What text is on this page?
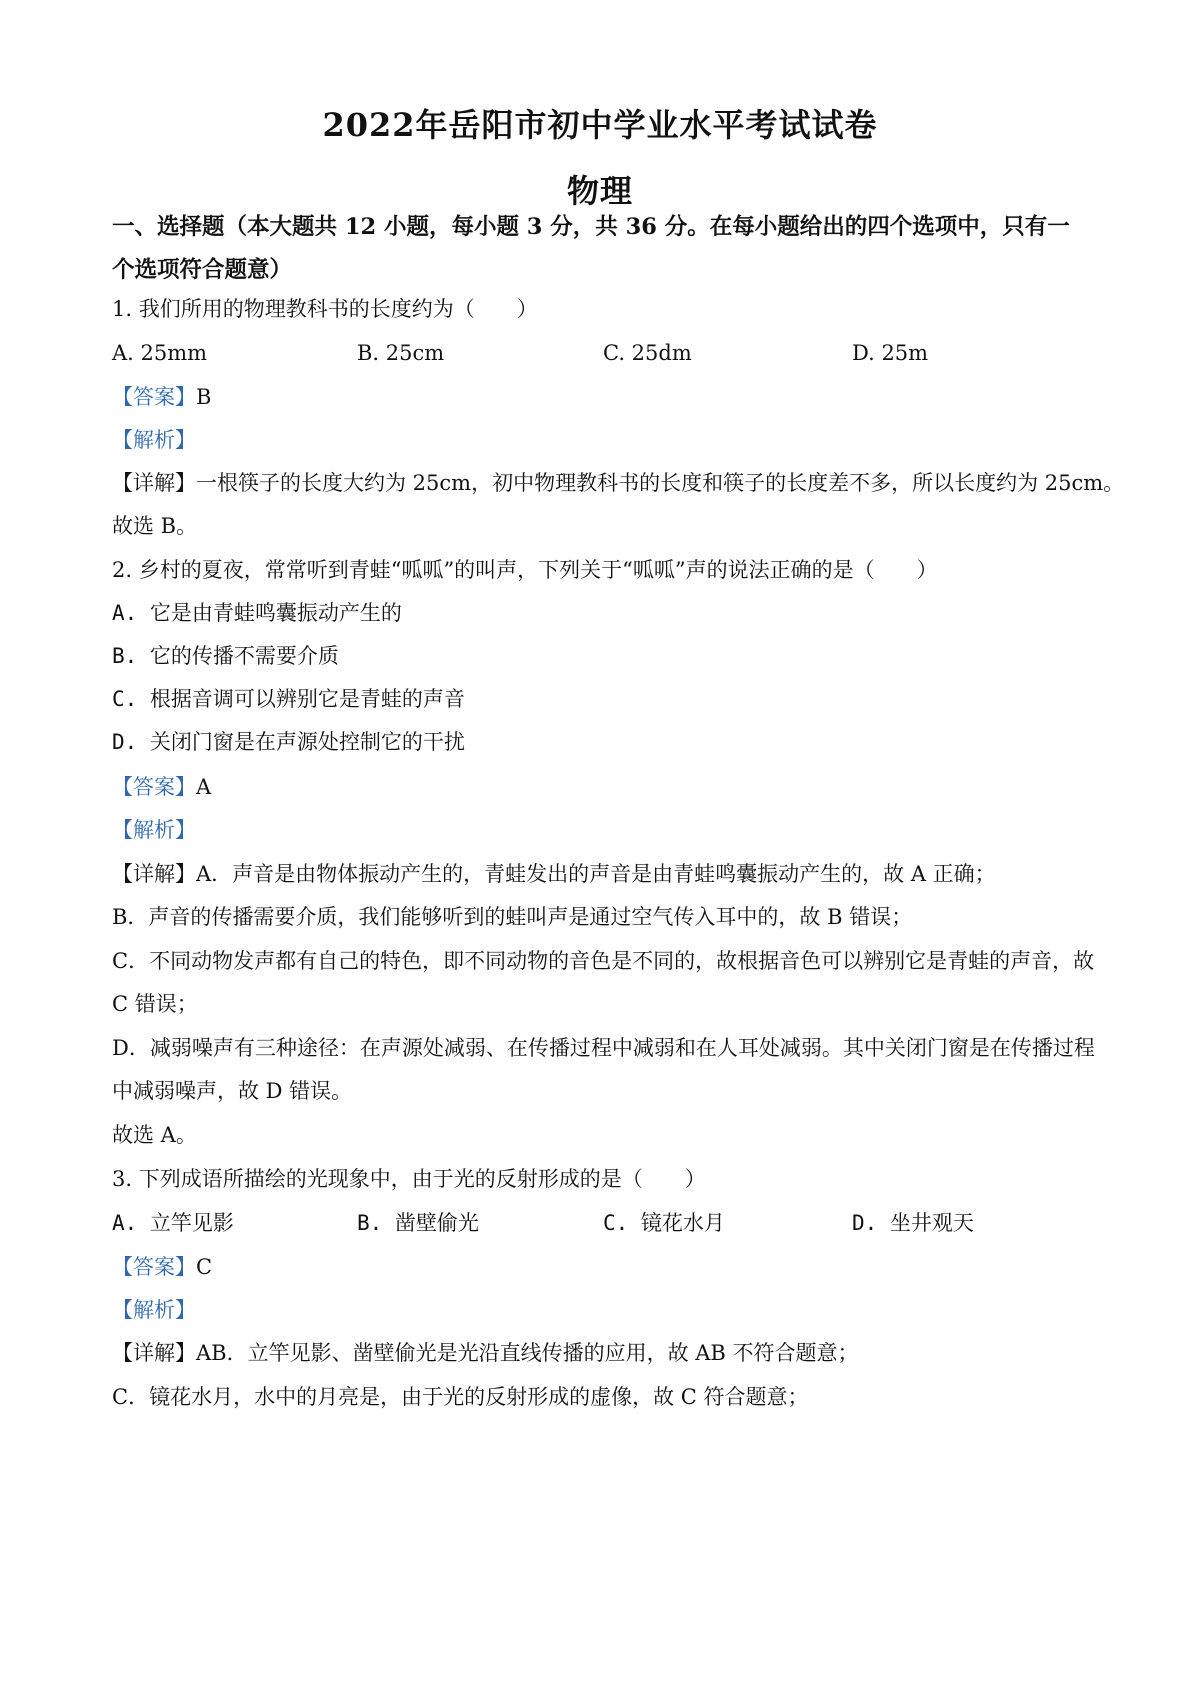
2022年岳阳市初中学业水平考试试卷
物理
一、选择题（本大题共 12 小题，每小题 3 分，共 36 分。在每小题给出的四个选项中，只有一
个选项符合题意）
1. 我们所用的物理教科书的长度约为（　　）
A. 25mm	B. 25cm	C. 25dm	D. 25m
【答案】B
【解析】
【详解】一根筷子的长度大约为 25cm，初中物理教科书的长度和筷子的长度差不多，所以长度约为 25cm。
故选 B。
2. 乡村的夏夜，常常听到青蛙“呱呱”的叫声，下列关于“呱呱”声的说法正确的是（　　）
A. 它是由青蛙鸣囊振动产生的
B. 它的传播不需要介质
C. 根据音调可以辨别它是青蛙的声音
D. 关闭门窗是在声源处控制它的干扰
【答案】A
【解析】
【详解】A．声音是由物体振动产生的，青蛙发出的声音是由青蛙鸣囊振动产生的，故 A 正确；
B．声音的传播需要介质，我们能够听到的蛙叫声是通过空气传入耳中的，故 B 错误；
C．不同动物发声都有自己的特色，即不同动物的音色是不同的，故根据音色可以辨别它是青蛙的声音，故
C 错误；
D．减弱噪声有三种途径：在声源处减弱、在传播过程中减弱和在人耳处减弱。其中关闭门窗是在传播过程
中减弱噪声，故 D 错误。
故选 A。
3. 下列成语所描绘的光现象中，由于光的反射形成的是（　　）
A. 立竿见影	B. 凿壁偷光	C. 镜花水月	D. 坐井观天
【答案】C
【解析】
【详解】AB．立竿见影、凿壁偷光是光沿直线传播的应用，故 AB 不符合题意；
C．镜花水月，水中的月亮是，由于光的反射形成的虚像，故 C 符合题意；
